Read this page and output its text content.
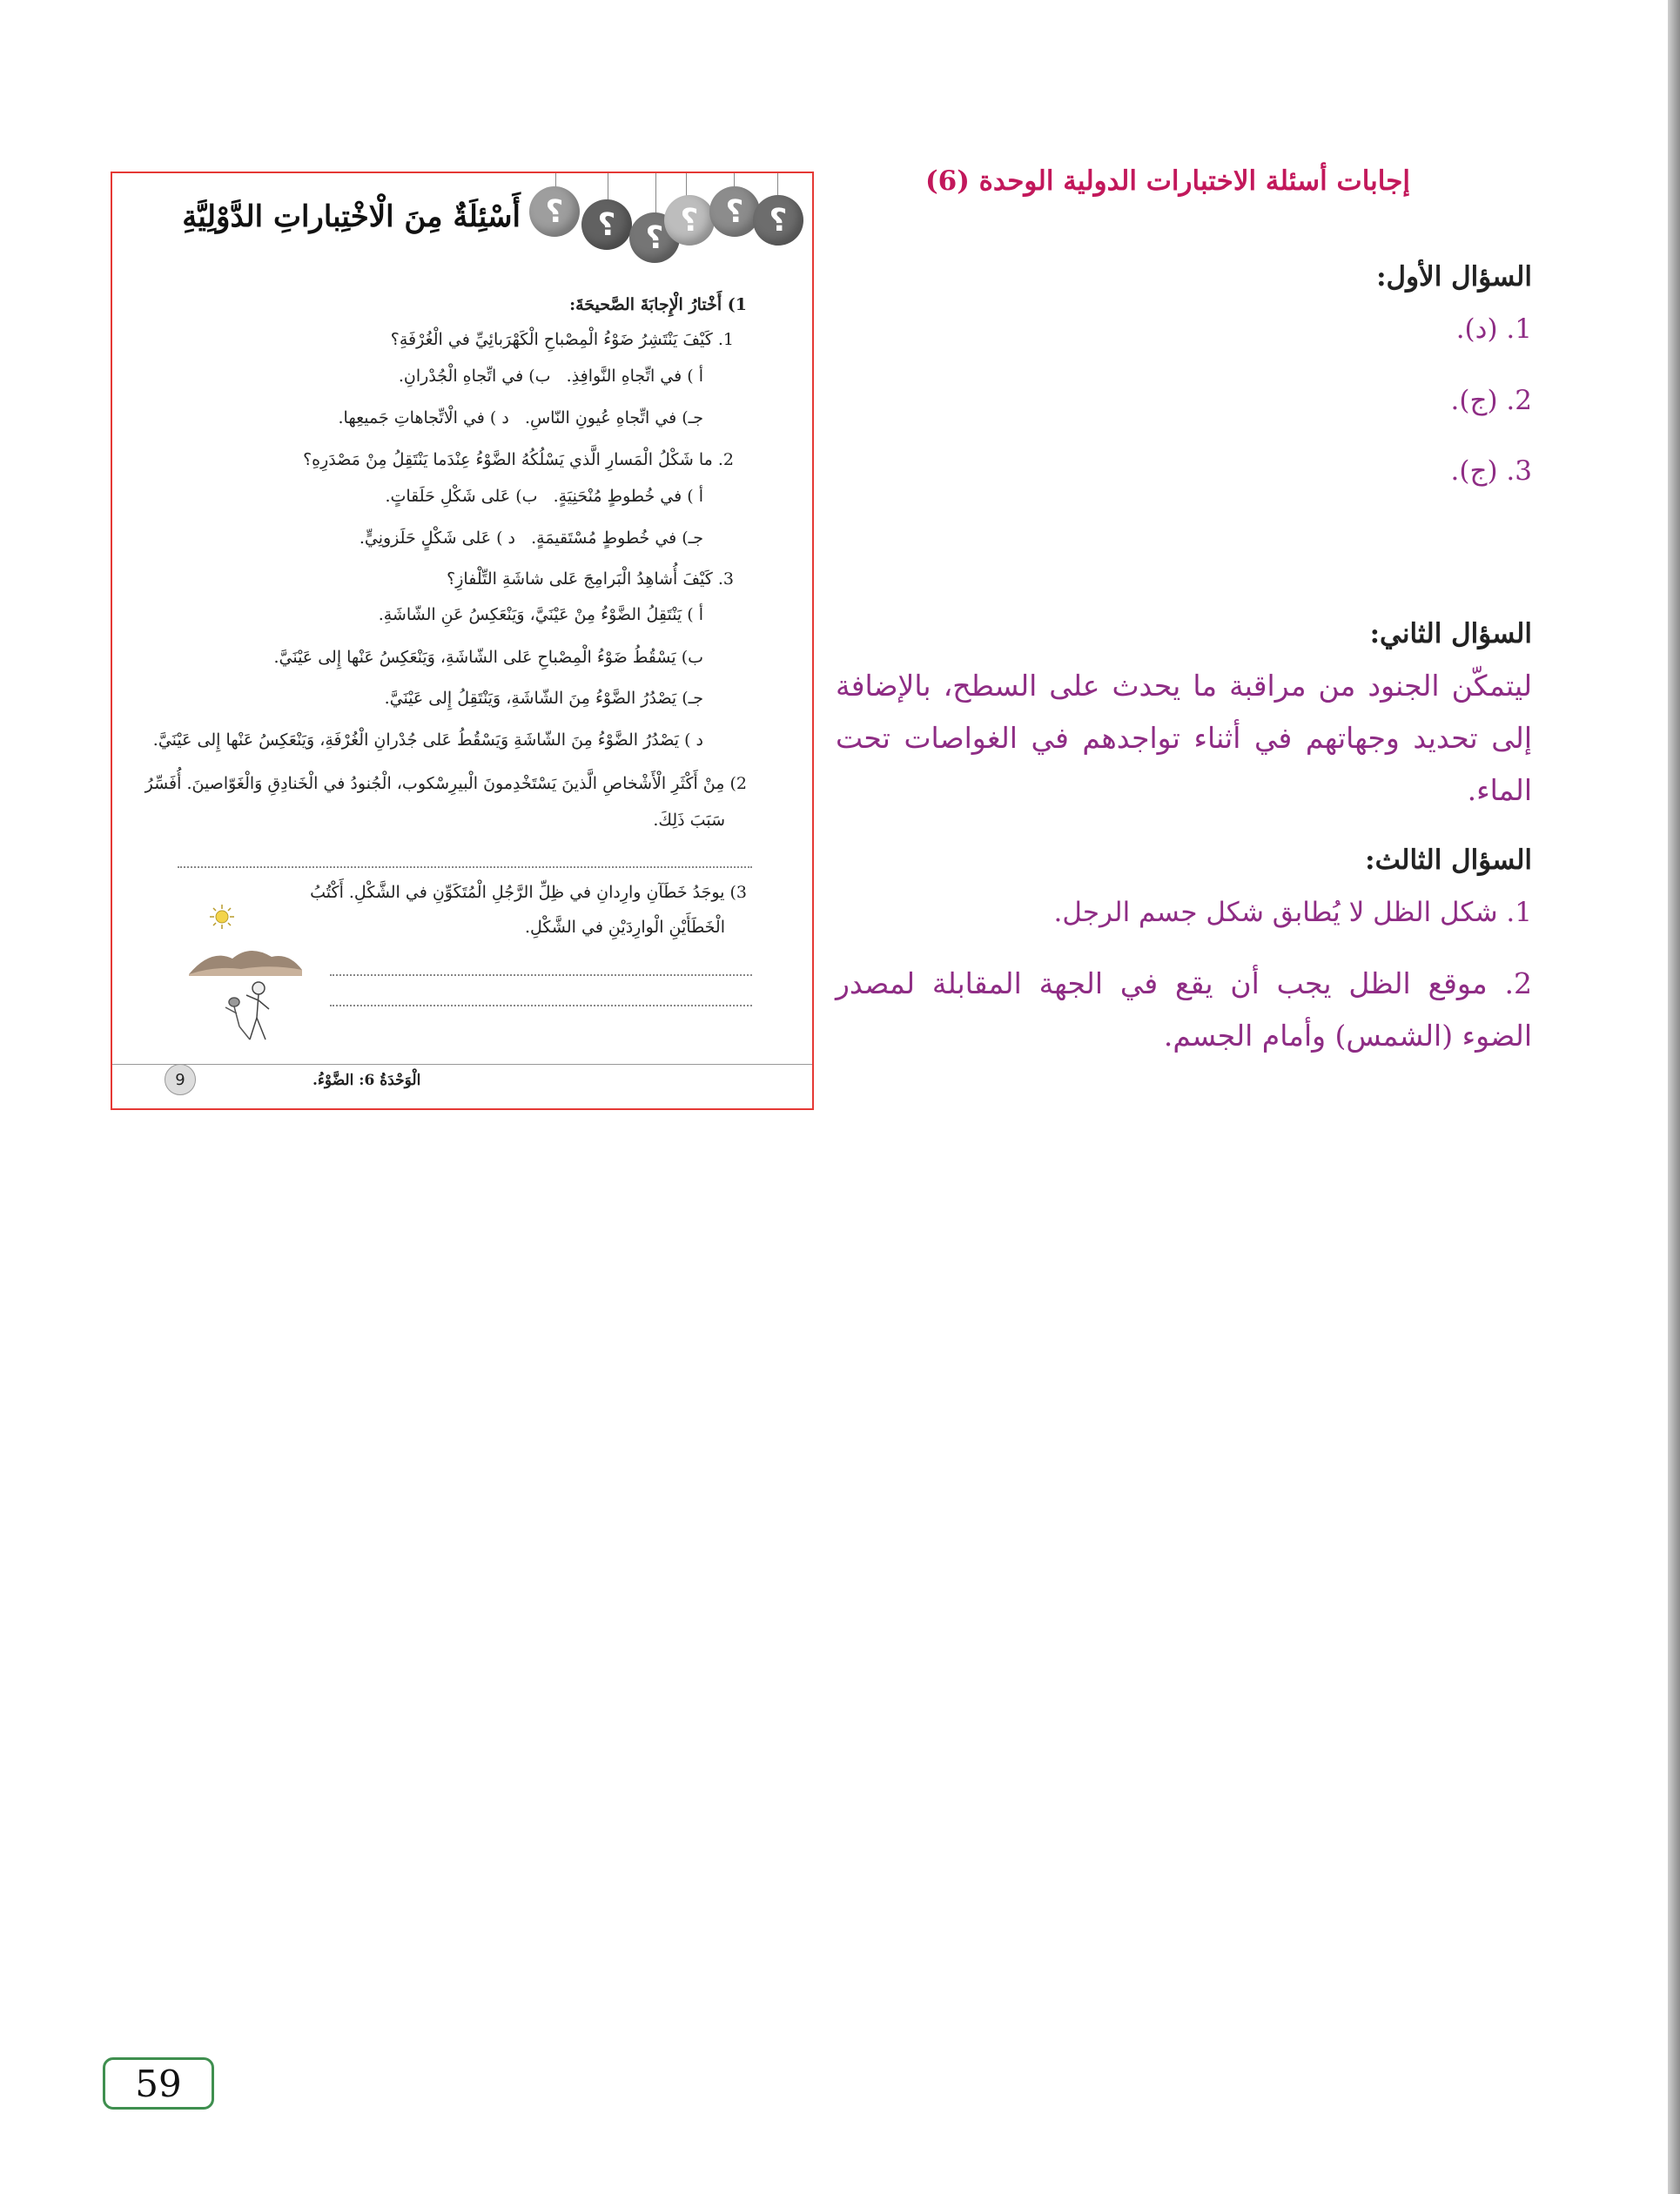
إجابات أسئلة الاختبارات الدولية الوحدة (6)
السؤال الأول:
1. (د).
2. (ج).
3. (ج).
السؤال الثاني:
ليتمكّن الجنود من مراقبة ما يحدث على السطح، بالإضافة إلى تحديد وجهاتهم في أثناء تواجدهم في الغواصات تحت الماء.
السؤال الثالث:
1. شكل الظل لا يُطابق شكل جسم الرجل.
2. موقع الظل يجب أن يقع في الجهة المقابلة لمصدر الضوء (الشمس) وأمام الجسم.
؟	؟ ؟ ؟ ؟ ؟
أَسْئِلَةٌ مِنَ الْاخْتِباراتِ الدَّوْلِيَّةِ
1) أَخْتارُ الْإِجابَةَ الصَّحيحَةَ:
1. كَيْفَ يَنْتَشِرُ ضَوْءُ الْمِصْباحِ الْكَهْرَبائِيِّ في الْغُرْفَةِ؟
أ ) في اتِّجاهِ النَّوافِذِ.   ب) في اتِّجاهِ الْجُدْرانِ.
جـ) في اتِّجاهِ عُيونِ النّاسِ.   د ) في الْاتِّجاهاتِ جَميعِها.
2. ما شَكْلُ الْمَسارِ الَّذي يَسْلُكُهُ الضَّوْءُ عِنْدَما يَنْتَقِلُ مِنْ مَصْدَرِهِ؟
أ ) في خُطوطٍ مُنْحَنِيَةٍ.   ب) عَلى شَكْلِ حَلَقاتٍ.
جـ) في خُطوطٍ مُسْتَقيمَةٍ.   د ) عَلى شَكْلٍ حَلَزونِيٍّ.
3. كَيْفَ أُشاهِدُ الْبَرامِجَ عَلى شاشَةِ التِّلْفازِ؟
أ ) يَنْتَقِلُ الضَّوْءُ مِنْ عَيْنَيَّ، وَيَنْعَكِسُ عَنِ الشّاشَةِ.
ب) يَسْقُطُ ضَوْءُ الْمِصْباحِ عَلى الشّاشَةِ، وَيَنْعَكِسُ عَنْها إِلى عَيْنَيَّ.
جـ) يَصْدُرُ الضَّوْءُ مِنَ الشّاشَةِ، وَيَنْتَقِلُ إِلى عَيْنَيَّ.
د ) يَصْدُرُ الضَّوْءُ مِنَ الشّاشَةِ وَيَسْقُطُ عَلى جُدْرانِ الْغُرْفَةِ، وَيَنْعَكِسُ عَنْها إِلى عَيْنَيَّ.
2) مِنْ أَكْثَرِ الْأَشْخاصِ الَّذينَ يَسْتَخْدِمونَ الْبيرِسْكوب، الْجُنودُ في الْخَنادِقِ وَالْغَوّاصينَ. أُفَسِّرُ
سَبَبَ ذَلِكَ.
3) يوجَدُ خَطَآنِ وارِدانِ في ظِلِّ الرَّجُلِ الْمُتَكَوِّنِ في الشَّكْلِ. أَكْتُبُ
الْخَطَأَيْنِ الْوارِدَيْنِ في الشَّكْلِ.
9	الْوَحْدَةُ 6: الضَّوْءُ.
59
